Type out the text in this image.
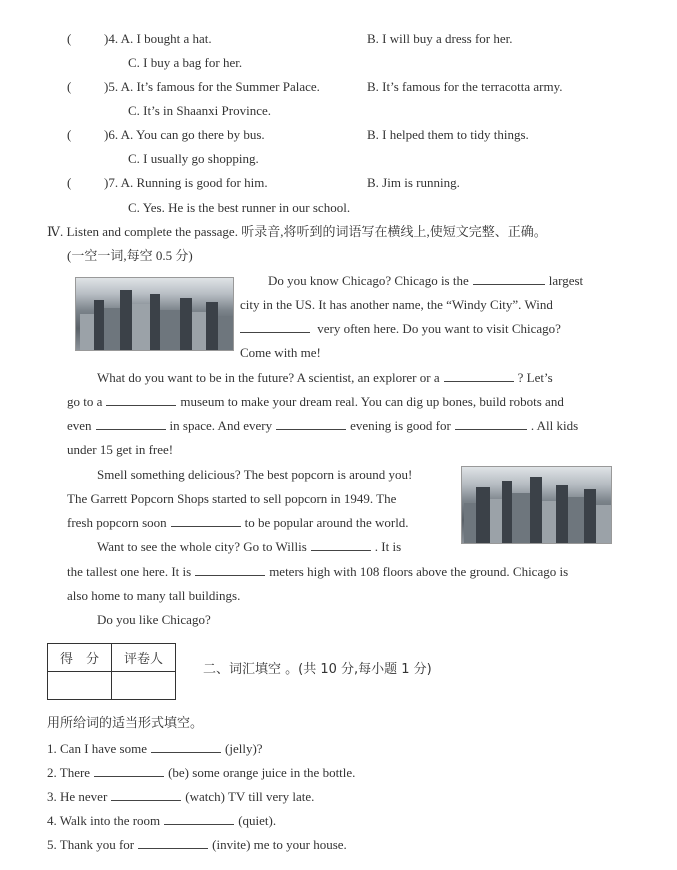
(	)4. A. I bought a hat.	B. I will buy a dress for her.
C. I buy a bag for her.
(	)5. A. It’s famous for the Summer Palace.	B. It’s famous for the terracotta army.
C. It’s in Shaanxi Province.
(	)6. A. You can go there by bus.	B. I helped them to tidy things.
C. I usually go shopping.
(	)7. A. Running is good for him.	B. Jim is running.
C. Yes. He is the best runner in our school.
Ⅳ. Listen and complete the passage. 听录音,将听到的词语写在横线上,使短文完整、正确。
(一空一词,每空 0.5 分)
Do you know Chicago? Chicago is the	largest
city in the US. It has another name, the “Windy City”. Wind
very often here. Do you want to visit Chicago?
Come with me!
What do you want to be in the future? A scientist, an explorer or a	? Let’s
go to a	museum to make your dream real. You can dig up bones, build robots and
even	in space. And every	evening is good for	. All kids
under 15 get in free!
Smell something delicious? The best popcorn is around you!
The Garrett Popcorn Shops started to sell popcorn in 1949. The
fresh popcorn soon	to be popular around the world.
Want to see the whole city? Go to Willis	. It is
the tallest one here. It is	meters high with 108 floors above the ground. Chicago is
also home to many tall buildings.
Do you like Chicago?
得　分	评卷人

二、词汇填空 。(共 10 分,每小题 1 分)
用所给词的适当形式填空。
1. Can I have some	(jelly)?
2. There	(be) some orange juice in the bottle.
3. He never	(watch) TV till very late.
4. Walk into the room	(quiet).
5. Thank you for	(invite) me to your house.
